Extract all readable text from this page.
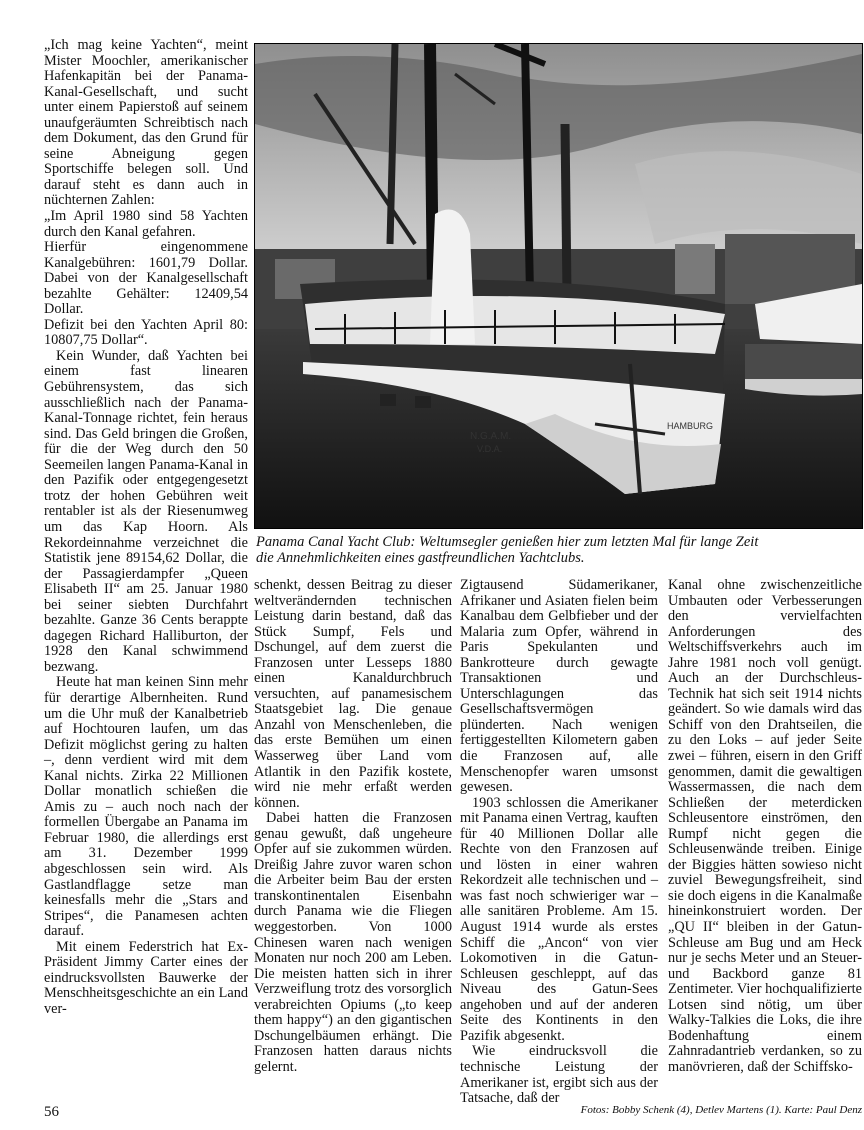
„Ich mag keine Yachten“, meint Mister Moochler, amerikanischer Hafenkapitän bei der Panama-Kanal-Gesellschaft, und sucht unter einem Papierstoß auf seinem unaufgeräumten Schreibtisch nach dem Dokument, das den Grund für seine Abneigung gegen Sportschiffe belegen soll. Und darauf steht es dann auch in nüchternen Zahlen:

„Im April 1980 sind 58 Yachten durch den Kanal gefahren.

Hierfür eingenommene Kanalgebühren: 1601,79 Dollar. Dabei von der Kanalgesellschaft bezahlte Gehälter: 12409,54 Dollar.

Defizit bei den Yachten April 80: 10807,75 Dollar“.

Kein Wunder, daß Yachten bei einem fast linearen Gebührensystem, das sich ausschließlich nach der Panama-Kanal-Tonnage richtet, fein heraus sind. Das Geld bringen die Großen, für die der Weg durch den 50 Seemeilen langen Panama-Kanal in den Pazifik oder entgegengesetzt trotz der hohen Gebühren weit rentabler ist als der Riesenumweg um das Kap Hoorn. Als Rekordeinnahme verzeichnet die Statistik jene 89154,62 Dollar, die der Passagierdampfer „Queen Elisabeth II“ am 25. Januar 1980 bei seiner siebten Durchfahrt bezahlte. Ganze 36 Cents berappte dagegen Richard Halliburton, der 1928 den Kanal schwimmend bezwang.

Heute hat man keinen Sinn mehr für derartige Albernheiten. Rund um die Uhr muß der Kanalbetrieb auf Hochtouren laufen, um das Defizit möglichst gering zu halten –, denn verdient wird mit dem Kanal nichts. Zirka 22 Millionen Dollar monatlich schießen die Amis zu – auch noch nach der formellen Übergabe an Panama im Februar 1980, die allerdings erst am 31. Dezember 1999 abgeschlossen sein wird. Als Gastlandflagge setze man keinesfalls mehr die „Stars and Stripes“, die Panamesen achten darauf.

Mit einem Federstrich hat Ex-Präsident Jimmy Carter eines der eindrucksvollsten Bauwerke der Menschheitsgeschichte an ein Land ver-

N.G.A.M.
V.D.A.
HAMBURG

Panama Canal Yacht Club: Weltumsegler genießen hier zum letzten Mal für lange Zeit

die Annehmlichkeiten eines gastfreundlichen Yachtclubs.

schenkt, dessen Beitrag zu dieser weltverändernden technischen Leistung darin bestand, daß das Stück Sumpf, Fels und Dschungel, auf dem zuerst die Franzosen unter Lesseps 1880 einen Kanaldurchbruch versuchten, auf panamesischem Staatsgebiet lag. Die genaue Anzahl von Menschenleben, die das erste Bemühen um einen Wasserweg über Land vom Atlantik in den Pazifik kostete, wird nie mehr erfaßt werden können.

Dabei hatten die Franzosen genau gewußt, daß ungeheure Opfer auf sie zukommen würden. Dreißig Jahre zuvor waren schon die Arbeiter beim Bau der ersten transkontinentalen Eisenbahn durch Panama wie die Fliegen weggestorben. Von 1000 Chinesen waren nach wenigen Monaten nur noch 200 am Leben. Die meisten hatten sich in ihrer Verzweiflung trotz des vorsorglich verabreichten Opiums („to keep them happy“) an den gigantischen Dschungelbäumen erhängt. Die Franzosen hatten daraus nichts gelernt.

Zigtausend Südamerikaner, Afrikaner und Asiaten fielen beim Kanalbau dem Gelbfieber und der Malaria zum Opfer, während in Paris Spekulanten und Bankrotteure durch gewagte Transaktionen und Unterschlagungen das Gesellschaftsvermögen plünderten. Nach wenigen fertiggestellten Kilometern gaben die Franzosen auf, alle Menschenopfer waren umsonst gewesen.

1903 schlossen die Amerikaner mit Panama einen Vertrag, kauften für 40 Millionen Dollar alle Rechte von den Franzosen auf und lösten in einer wahren Rekordzeit alle technischen und – was fast noch schwieriger war – alle sanitären Probleme. Am 15. August 1914 wurde als erstes Schiff die „Ancon“ von vier Lokomotiven in die Gatun-Schleusen geschleppt, auf das Niveau des Gatun-Sees angehoben und auf der anderen Seite des Kontinents in den Pazifik abgesenkt.

Wie eindrucksvoll die technische Leistung der Amerikaner ist, ergibt sich aus der Tatsache, daß der

Kanal ohne zwischenzeitliche Umbauten oder Verbesserungen den vervielfachten Anforderungen des Weltschiffsverkehrs auch im Jahre 1981 noch voll genügt. Auch an der Durchschleus-Technik hat sich seit 1914 nichts geändert. So wie damals wird das Schiff von den Drahtseilen, die zu den Loks – auf jeder Seite zwei – führen, eisern in den Griff genommen, damit die gewaltigen Wassermassen, die nach dem Schließen der meterdicken Schleusentore einströmen, den Rumpf nicht gegen die Schleusenwände treiben. Einige der Biggies hätten sowieso nicht zuviel Bewegungsfreiheit, sind sie doch eigens in die Kanalmaße hineinkonstruiert worden. Der „QU II“ bleiben in der Gatun-Schleuse am Bug und am Heck nur je sechs Meter und an Steuer- und Backbord ganze 81 Zentimeter. Vier hochqualifizierte Lotsen sind nötig, um über Walky-Talkies die Loks, die ihre Bodenhaftung einem Zahnradantrieb verdanken, so zu manövrieren, daß der Schiffsko-

56	Fotos: Bobby Schenk (4), Detlev Martens (1). Karte: Paul Denz
